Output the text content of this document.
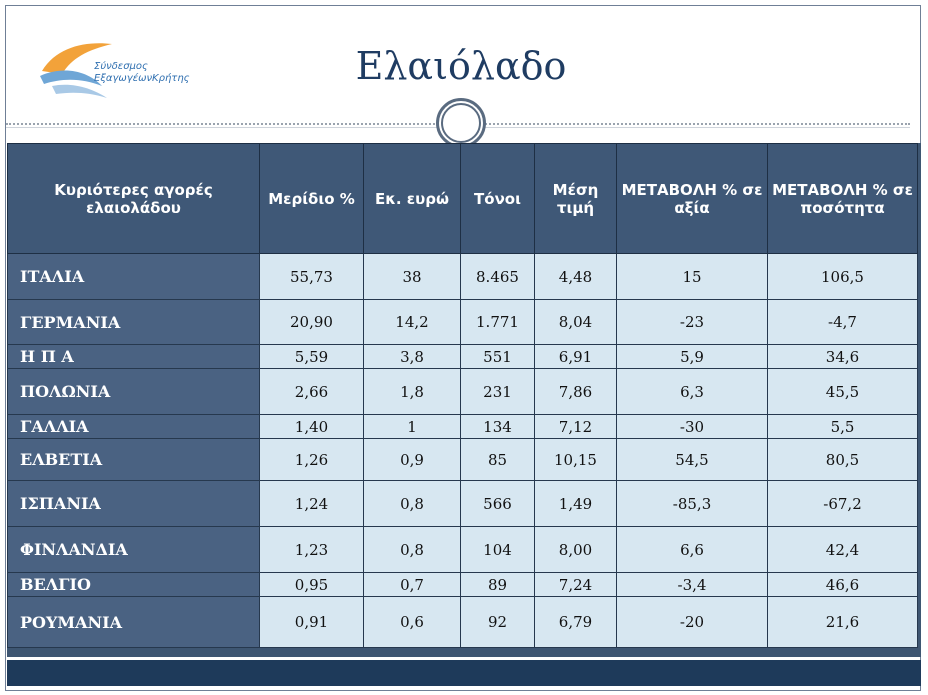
Σύνδεσμος
ΕξαγωγέωνΚρήτης	Ελαιόλαδο
Κυριότερες αγορές ελαιολάδου	Μερίδιο %	Εκ. ευρώ	Τόνοι	Μέση τιμή	ΜΕΤΑΒΟΛΗ % σε αξία	ΜΕΤΑΒΟΛΗ % σε ποσότητα
ΙΤΑΛΙΑ	55,73	38	8.465	4,48	15	106,5
ΓΕΡΜΑΝΙΑ	20,90	14,2	1.771	8,04	-23	-4,7
Η Π Α	5,59	3,8	551	6,91	5,9	34,6
ΠΟΛΩΝΙΑ	2,66	1,8	231	7,86	6,3	45,5
ΓΑΛΛΙΑ	1,40	1	134	7,12	-30	5,5
ΕΛΒΕΤΙΑ	1,26	0,9	85	10,15	54,5	80,5
ΙΣΠΑΝΙΑ	1,24	0,8	566	1,49	-85,3	-67,2
ΦΙΝΛΑΝΔΙΑ	1,23	0,8	104	8,00	6,6	42,4
ΒΕΛΓΙΟ	0,95	0,7	89	7,24	-3,4	46,6
ΡΟΥΜΑΝΙΑ	0,91	0,6	92	6,79	-20	21,6
